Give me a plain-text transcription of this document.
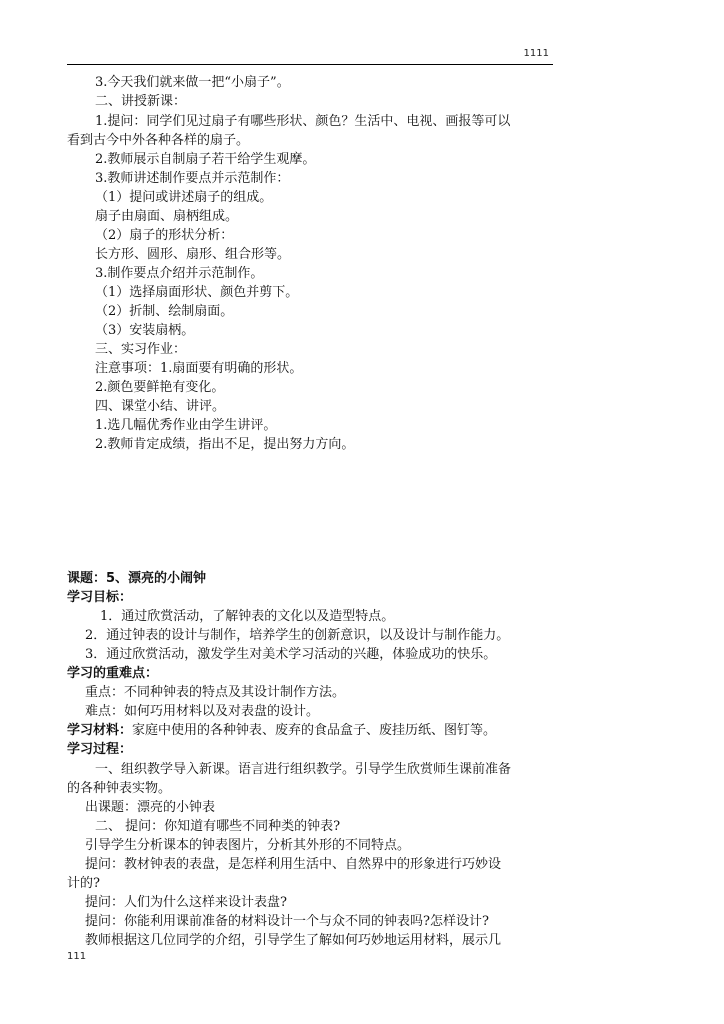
1111
3.今天我们就来做一把“小扇子”。
二、讲授新课：
1.提问：同学们见过扇子有哪些形状、颜色？生活中、电视、画报等可以
看到古今中外各种各样的扇子。
2.教师展示自制扇子若干给学生观摩。
3.教师讲述制作要点并示范制作：
（1）提问或讲述扇子的组成。
扇子由扇面、扇柄组成。
（2）扇子的形状分析：
长方形、圆形、扇形、组合形等。
3.制作要点介绍并示范制作。
（1）选择扇面形状、颜色并剪下。
（2）折制、绘制扇面。
（3）安装扇柄。
三、实习作业：
注意事项：1.扇面要有明确的形状。
2.颜色要鲜艳有变化。
四、课堂小结、讲评。
1.选几幅优秀作业由学生讲评。
2.教师肯定成绩，指出不足，提出努力方向。
课题：5、漂亮的小闹钟
学习目标：
1．通过欣赏活动，了解钟表的文化以及造型特点。
2．通过钟表的设计与制作，培养学生的创新意识，以及设计与制作能力。
3．通过欣赏活动，激发学生对美术学习活动的兴趣，体验成功的快乐。
学习的重难点：
重点：不同种钟表的特点及其设计制作方法。
难点：如何巧用材料以及对表盘的设计。
学习材料：家庭中使用的各种钟表、废弃的食品盒子、废挂历纸、图钉等。
学习过程：
一、组织教学导入新课。语言进行组织教学。引导学生欣赏师生课前准备
的各种钟表实物。
出课题：漂亮的小钟表
二、 提问：你知道有哪些不同种类的钟表?
引导学生分析课本的钟表图片，分析其外形的不同特点。
提问：教材钟表的表盘，是怎样利用生活中、自然界中的形象进行巧妙设
计的?
提问：人们为什么这样来设计表盘?
提问：你能利用课前准备的材料设计一个与众不同的钟表吗?怎样设计?
教师根据这几位同学的介绍，引导学生了解如何巧妙地运用材料，展示几
111
